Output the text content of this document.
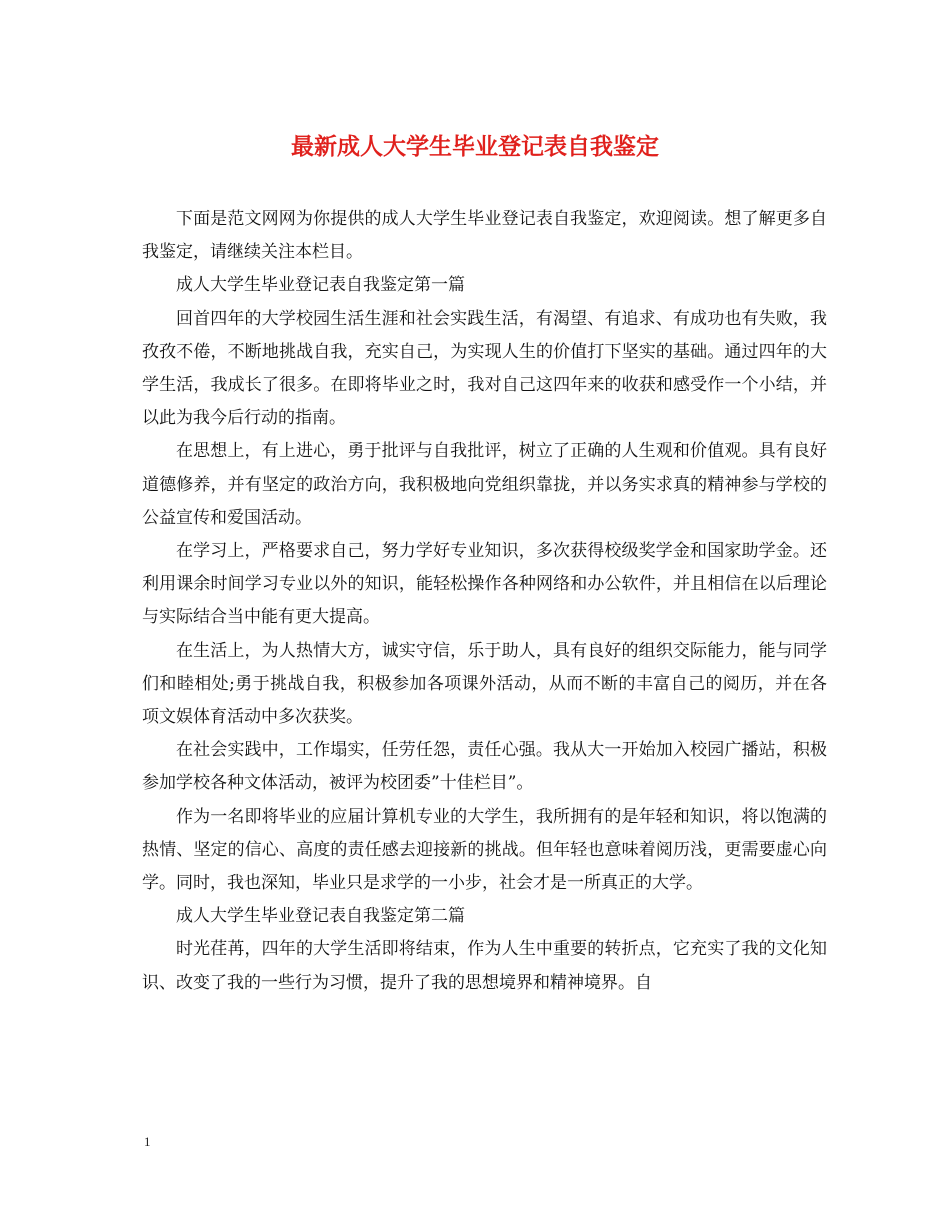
最新成人大学生毕业登记表自我鉴定

下面是范文网网为你提供的成人大学生毕业登记表自我鉴定，欢迎阅读。想了解更多自我鉴定，请继续关注本栏目。

成人大学生毕业登记表自我鉴定第一篇

回首四年的大学校园生活生涯和社会实践生活，有渴望、有追求、有成功也有失败，我孜孜不倦，不断地挑战自我，充实自己，为实现人生的价值打下坚实的基础。通过四年的大学生活，我成长了很多。在即将毕业之时，我对自己这四年来的收获和感受作一个小结，并以此为我今后行动的指南。

在思想上，有上进心，勇于批评与自我批评，树立了正确的人生观和价值观。具有良好道德修养，并有坚定的政治方向，我积极地向党组织靠拢，并以务实求真的精神参与学校的公益宣传和爱国活动。

在学习上，严格要求自己，努力学好专业知识，多次获得校级奖学金和国家助学金。还利用课余时间学习专业以外的知识，能轻松操作各种网络和办公软件，并且相信在以后理论与实际结合当中能有更大提高。

在生活上，为人热情大方，诚实守信，乐于助人，具有良好的组织交际能力，能与同学们和睦相处;勇于挑战自我，积极参加各项课外活动，从而不断的丰富自己的阅历，并在各项文娱体育活动中多次获奖。

在社会实践中，工作塌实，任劳任怨，责任心强。我从大一开始加入校园广播站，积极参加学校各种文体活动，被评为校团委”十佳栏目”。

作为一名即将毕业的应届计算机专业的大学生，我所拥有的是年轻和知识，将以饱满的热情、坚定的信心、高度的责任感去迎接新的挑战。但年轻也意味着阅历浅，更需要虚心向学。同时，我也深知，毕业只是求学的一小步，社会才是一所真正的大学。

成人大学生毕业登记表自我鉴定第二篇

时光荏苒，四年的大学生活即将结束，作为人生中重要的转折点，它充实了我的文化知识、改变了我的一些行为习惯，提升了我的思想境界和精神境界。自

1
